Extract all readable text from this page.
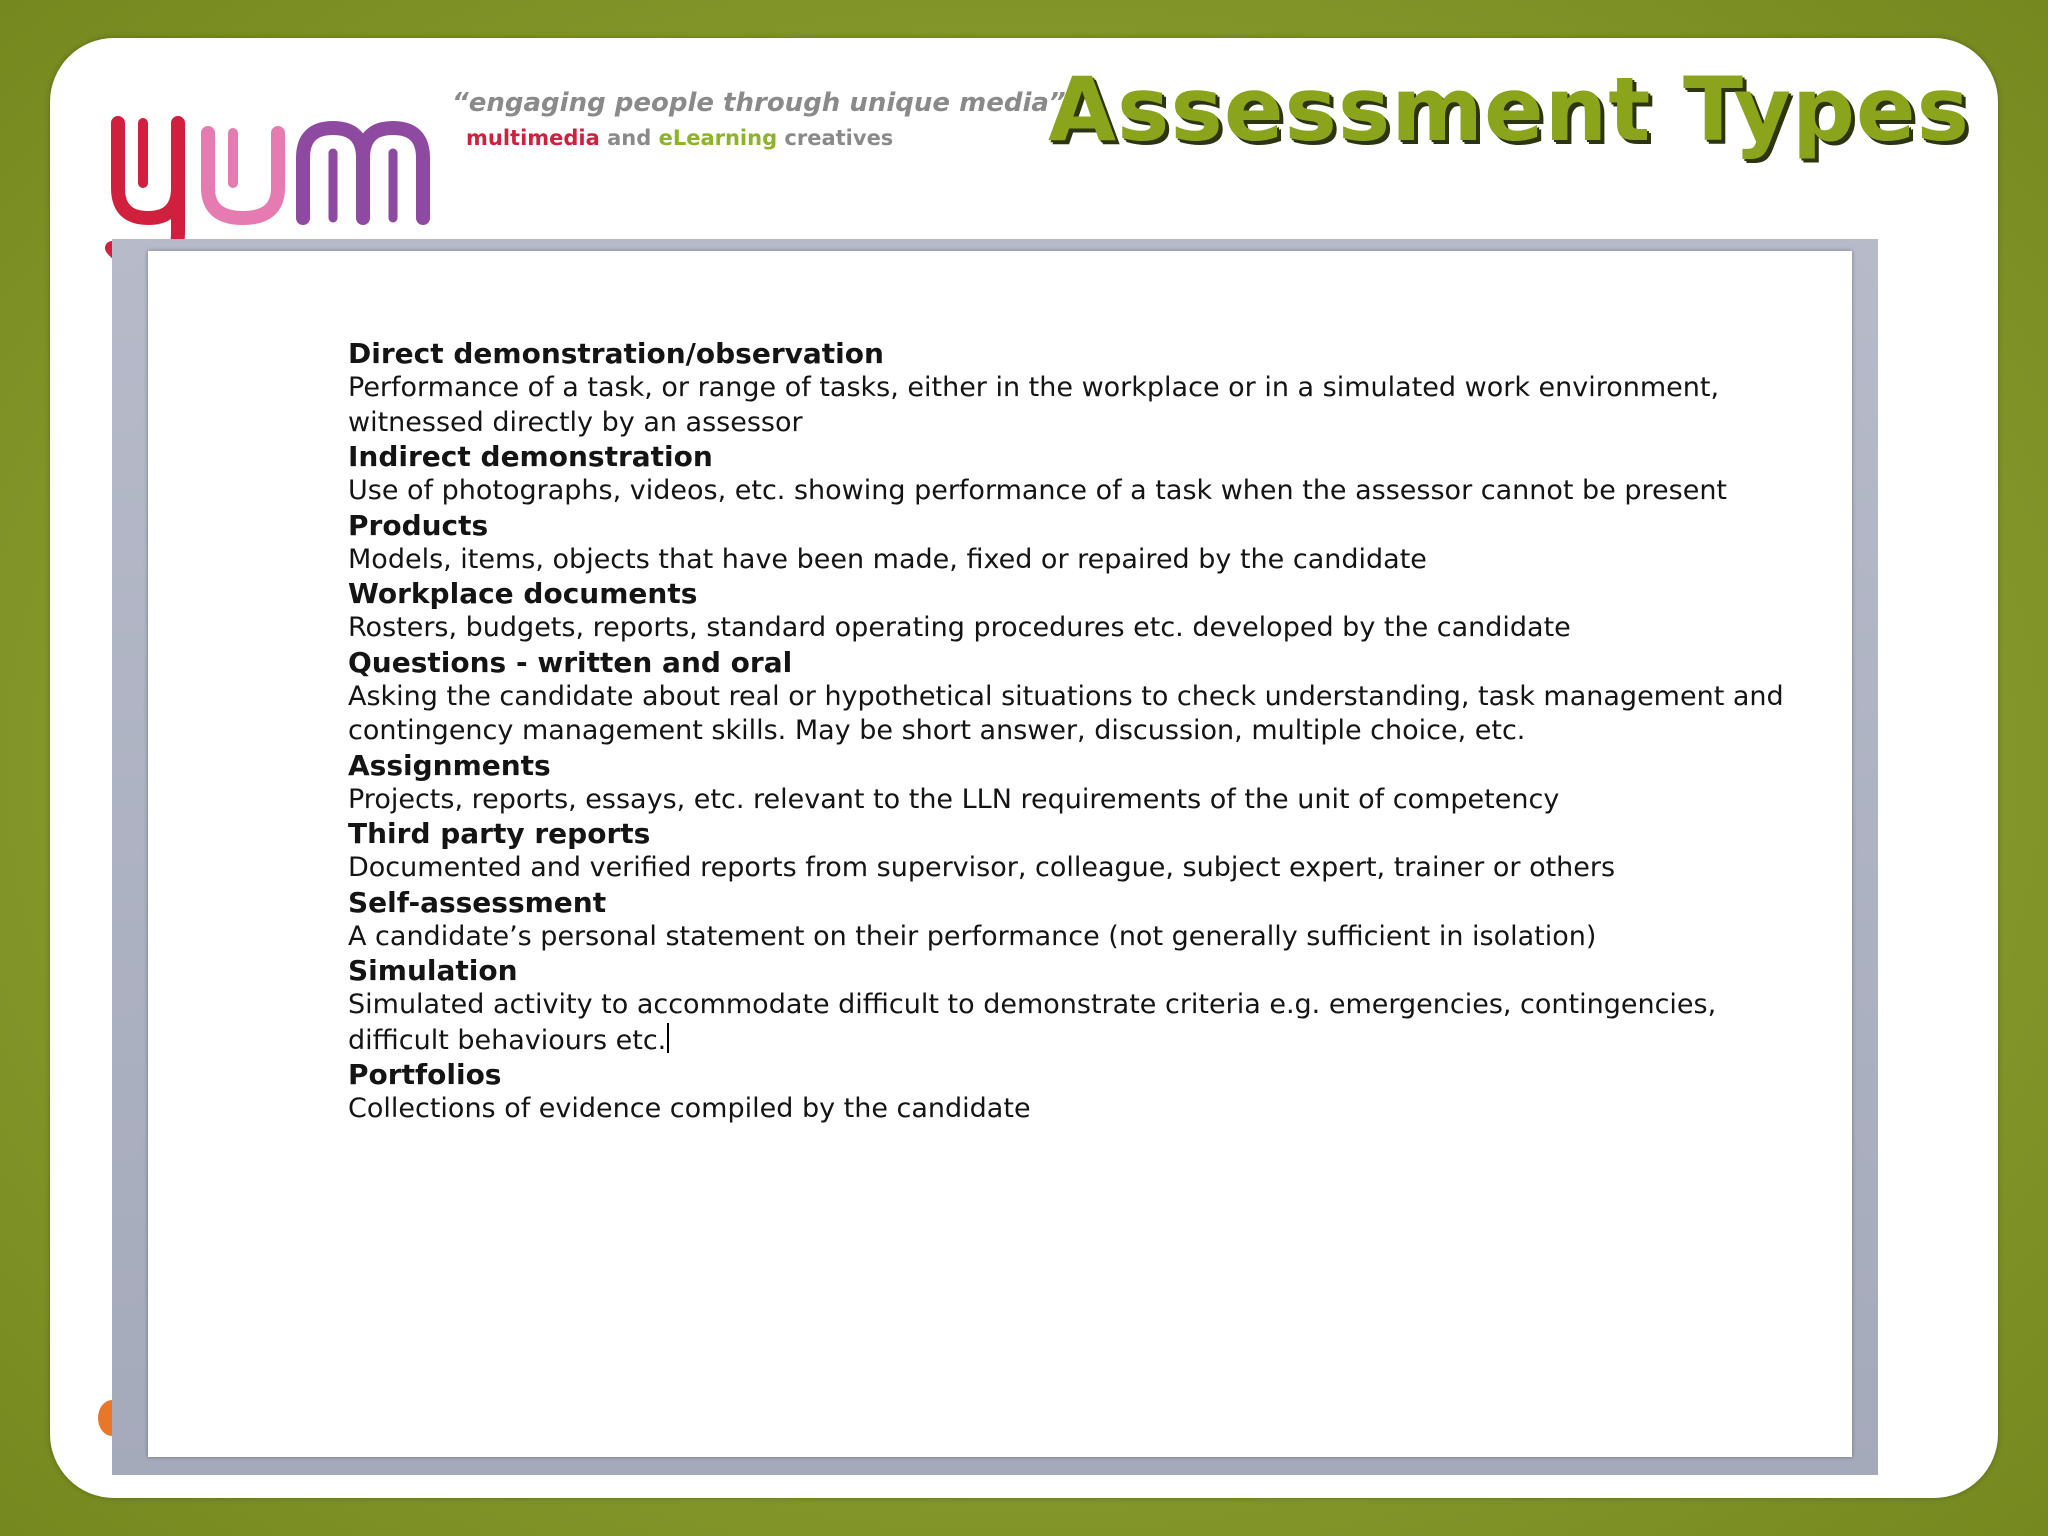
“engaging people through unique media”
multimedia and eLearning creatives Assessment Types
Direct demonstration/observation
Performance of a task, or range of tasks, either in the workplace or in a simulated work environment, witnessed directly by an assessor
Indirect demonstration
Use of photographs, videos, etc. showing performance of a task when the assessor cannot be present
Products
Models, items, objects that have been made, fixed or repaired by the candidate
Workplace documents
Rosters, budgets, reports, standard operating procedures etc. developed by the candidate
Questions - written and oral
Asking the candidate about real or hypothetical situations to check understanding, task management and contingency management skills. May be short answer, discussion, multiple choice, etc.
Assignments
Projects, reports, essays, etc. relevant to the LLN requirements of the unit of competency
Third party reports
Documented and verified reports from supervisor, colleague, subject expert, trainer or others
Self-assessment
A candidate’s personal statement on their performance (not generally sufficient in isolation)
Simulation
Simulated activity to accommodate difficult to demonstrate criteria e.g. emergencies, contingencies, difficult behaviours etc.
Portfolios
Collections of evidence compiled by the candidate
